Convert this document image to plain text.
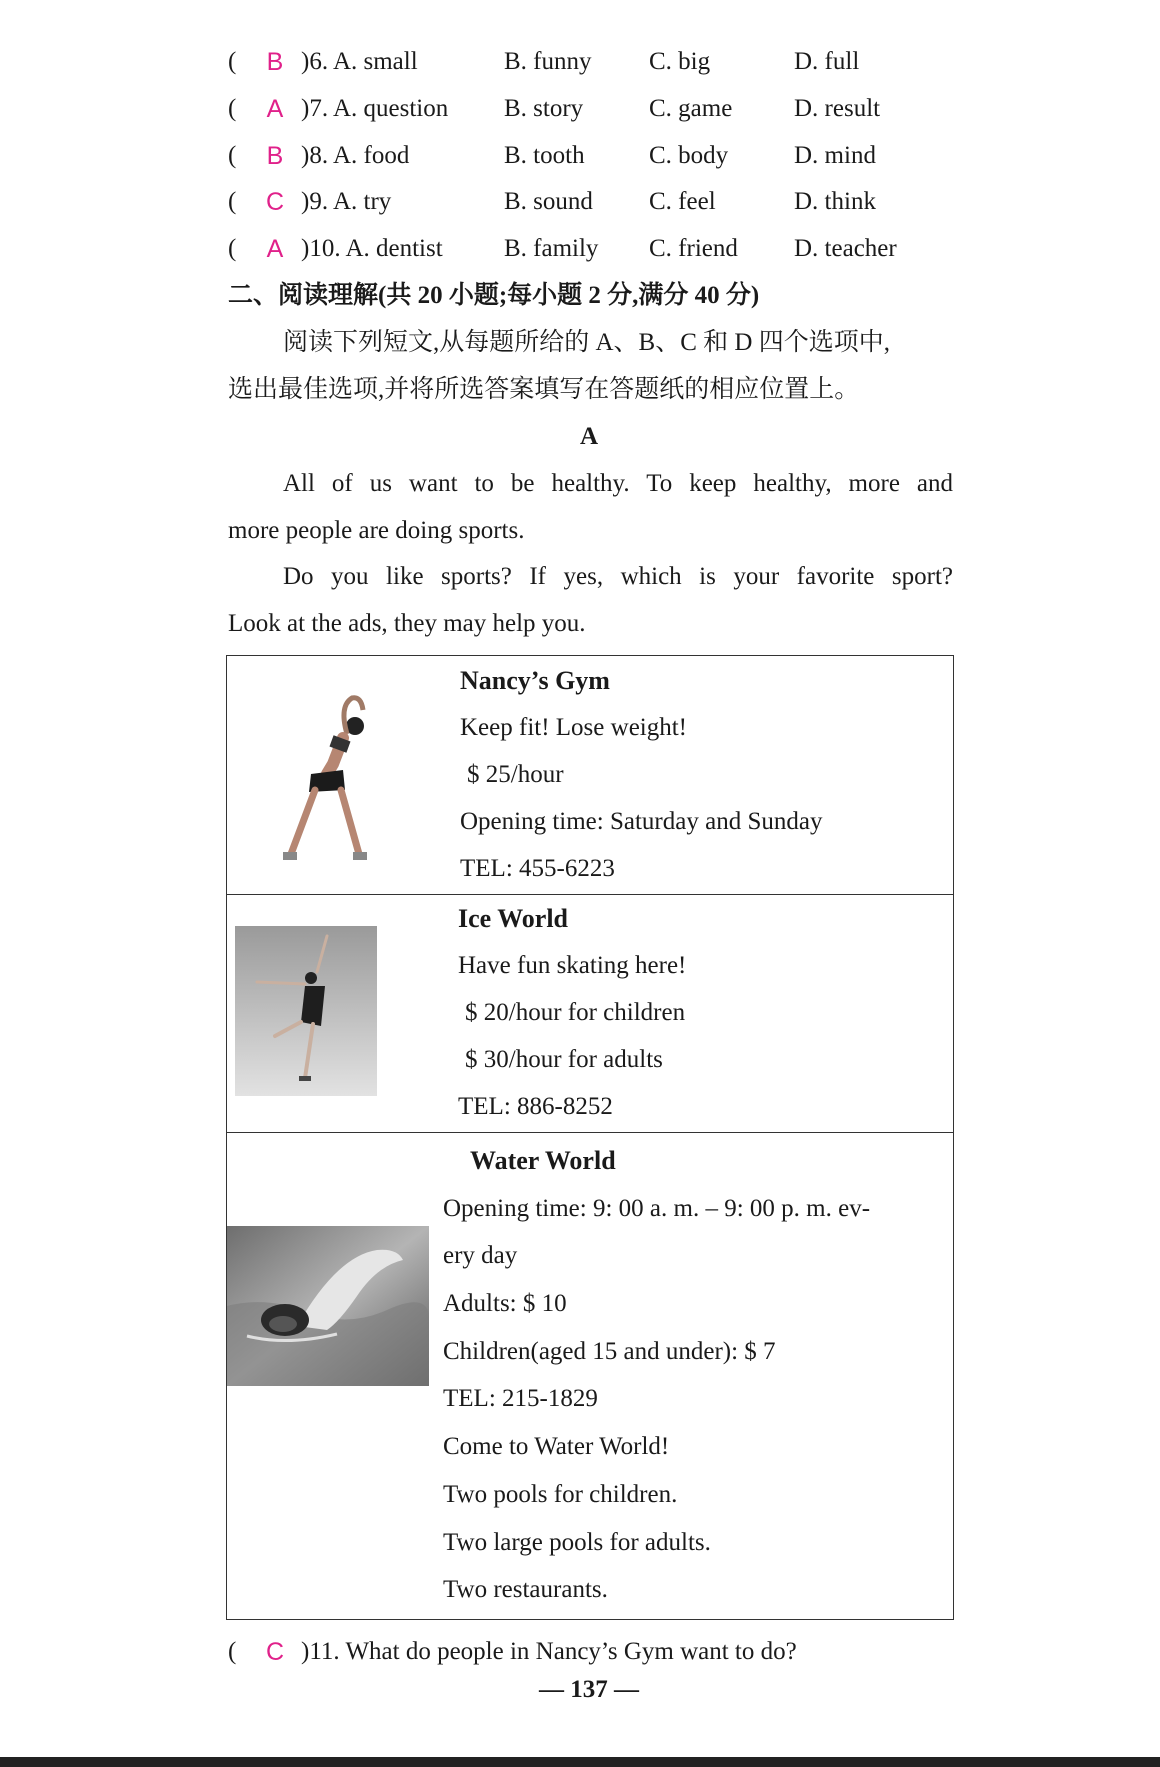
( B )6. A. small	B. funny C. big	D. full
( A )7. A. question B. story	C. game D. result
( B )8. A. food	B. tooth	C. body	D. mind
( C )9. A. try	B. sound C. feel	D. think
( A )10. A. dentist B. family C. friend D. teacher
二、阅读理解(共 20 小题;每小题 2 分,满分 40 分)
阅读下列短文,从每题所给的 A、B、C 和 D 四个选项中,
选出最佳选项,并将所选答案填写在答题纸的相应位置上。
A
All of us want to be healthy. To keep healthy, more and
more people are doing sports.
Do you like sports? If yes, which is your favorite sport?
Look at the ads, they may help you.
Nancy’s Gym
Keep fit! Lose weight!
$ 25/hour
Opening time: Saturday and Sunday
TEL: 455-6223
Ice World
Have fun skating here!
$ 20/hour for children
$ 30/hour for adults
TEL: 886-8252
Water World
Opening time: 9: 00 a. m. – 9: 00 p. m. ev-
ery day
Adults: $ 10
Children(aged 15 and under): $ 7
TEL: 215-1829
Come to Water World!
Two pools for children.
Two large pools for adults.
Two restaurants.
( C )11. What do people in Nancy’s Gym want to do?
— 137 —
